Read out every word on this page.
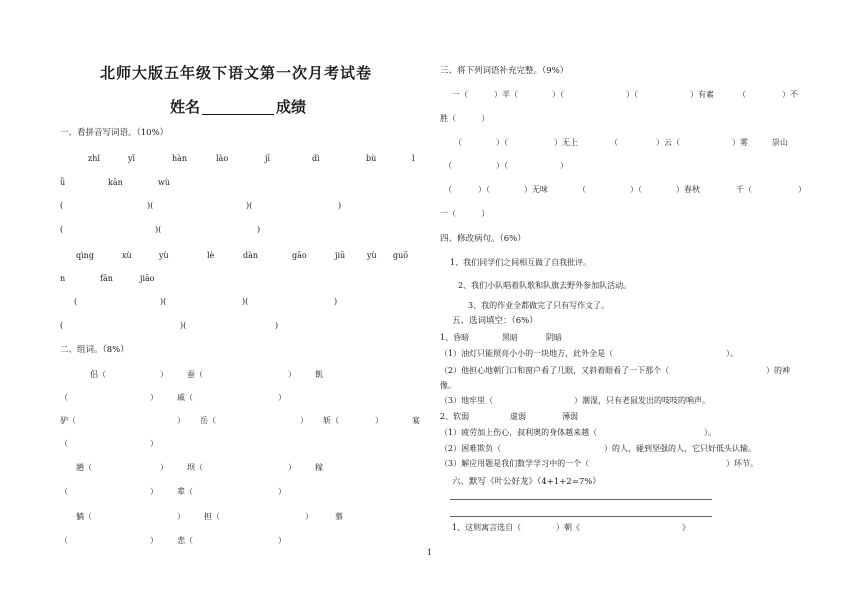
北师大版五年级下语文第一次月考试卷
姓名	成绩
一、看拼音写词语。（10%）
zhǐ	yī	hàn	lào	jī	dì	bù	l
ǚ	kān	wù
(	)(	)(	)
(	)(	)
qìng	xù	yù	lè	dàn	gāo	jiū	yù guō
n	fān	jiāo
(	)(	)(	)
(	)(	)
二、组词。（8%）
侣（	） 蚕（	） 飢
（	） 戚（	）
驴（	） 岳（	） 斩（	）	宴
（	）
趟（	） 坝（	） 稼
（	） 辈（	）
躺（	） 担（	）	慕
（	） 悲（	）
三、将下列词语补充完整。（9%）
一（	）半（	）（	）（	）有素	（	）不
胜（          ）
（	）（	）无上	（	）云（	）雾	崇山
（	）（	）
（	）（	）无味	（	）（	）春秋	千（	）
一（          ）
四、修改病句。（6%）
1、我们同学们之间相互做了自我批评。
2、我们小队唱着队歌和队旗去野外参加队活动。
3、我的作业全都做完了只有写作文了。
五、选词填空：（6%）
1、昏暗	黑暗	阴暗
（1）油灯只能照亮小小的一块地方，此外全是（	）。
（2）他担心地朝门口和窗户看了几眼，又斜着眼看了一下那个（	）的神
像。
（3）地牢里（	）潮湿，只有老鼠发出的吱吱的响声。
2、软弱	虚弱	薄弱
（1）疲劳加上伤心，叔利奥的身体越来越（	）。
（2）困难欺负（	）的人，碰到坚强的人，它只好低头认输。
（3）解应用题是我们数学学习中的一个（	）环节。
六、默写《叶公好龙》（4+1+2=7%）
1、这则寓言选自（	）朝《	》
1
